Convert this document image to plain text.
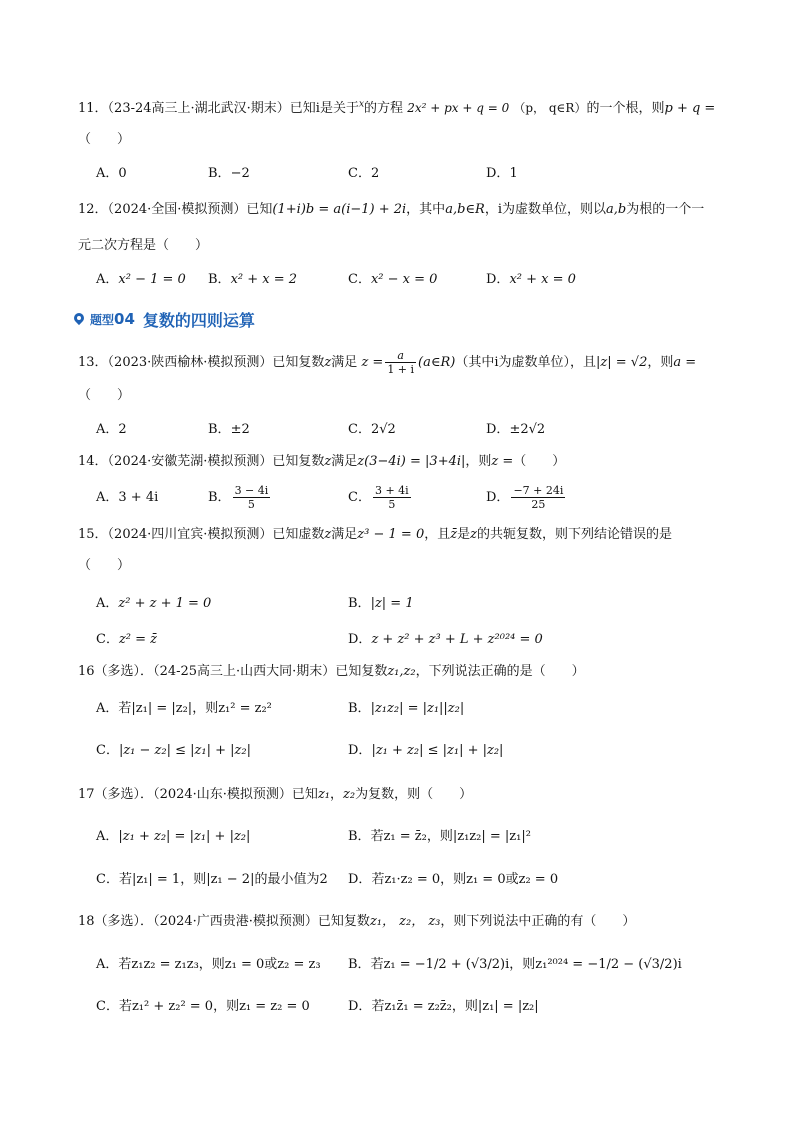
11．（23-24高三上·湖北武汉·期末）已知i是关于$^x$的方程 2x² + px + q = 0 （p， q∈R）的一个根，则p + q =
（　　）
A．0	B．−2	C．2	D．1
12．（2024·全国·模拟预测）已知(1+i)b = a(i−1) + 2i，其中a,b∈R，i为虚数单位，则以a,b为根的一个一
元二次方程是（　　）
A．x² − 1 = 0 B．x² + x = 2	C．x² − x = 0	D．x² + x = 0
题型 04 复数的四则运算
13．（2023·陕西榆林·模拟预测）已知复数z满足 $z = \frac{a}{1 + i}$ (a∈R)（其中i为虚数单位），且|z| = √2，则a =
（　　）
A．2	B．±2	C．2√2	D．±2√2
14．（2024·安徽芜湖·模拟预测）已知复数z满足z(3−4i) = |3+4i|，则z =（　　）
A．3 + 4i	B． $\frac{3 - 4i}{5}$	C． $\frac{3 + 4i}{5}$	D． $\frac{-7 + 24i}{25}$
15．（2024·四川宜宾·模拟预测）已知虚数z满足z³ − 1 = 0，且z̄是z的共轭复数，则下列结论错误的是
（　　）
A．z² + z + 1 = 0	B．|z| = 1
C．z² = z̄	D．z + z² + z³ + L + z²⁰²⁴ = 0
16（多选）．（24-25高三上·山西大同·期末）已知复数z₁,z₂，下列说法正确的是（　　）
A．若|z₁| = |z₂|，则z₁² = z₂²	B．|z₁z₂| = |z₁||z₂|
C．|z₁ − z₂| ≤ |z₁| + |z₂|	D．|z₁ + z₂| ≤ |z₁| + |z₂|
17（多选）．（2024·山东·模拟预测）已知z₁，z₂为复数，则（　　）
A．|z₁ + z₂| = |z₁| + |z₂|	B．若z₁ = z̄₂，则|z₁z₂| = |z₁|²
C．若|z₁| = 1，则|z₁ − 2|的最小值为2 D．若z₁·z₂ = 0，则z₁ = 0或z₂ = 0
18（多选）．（2024·广西贵港·模拟预测）已知复数z₁， z₂， z₃，则下列说法中正确的有（　　）
A．若z₁z₂ = z₁z₃，则z₁ = 0或z₂ = z₃ B．若z₁ = −1/2 + (√3/2)i，则z₁²⁰²⁴ = −1/2 − (√3/2)i
C．若z₁² + z₂² = 0，则z₁ = z₂ = 0	D．若z₁z̄₁ = z₂z̄₂，则|z₁| = |z₂|
